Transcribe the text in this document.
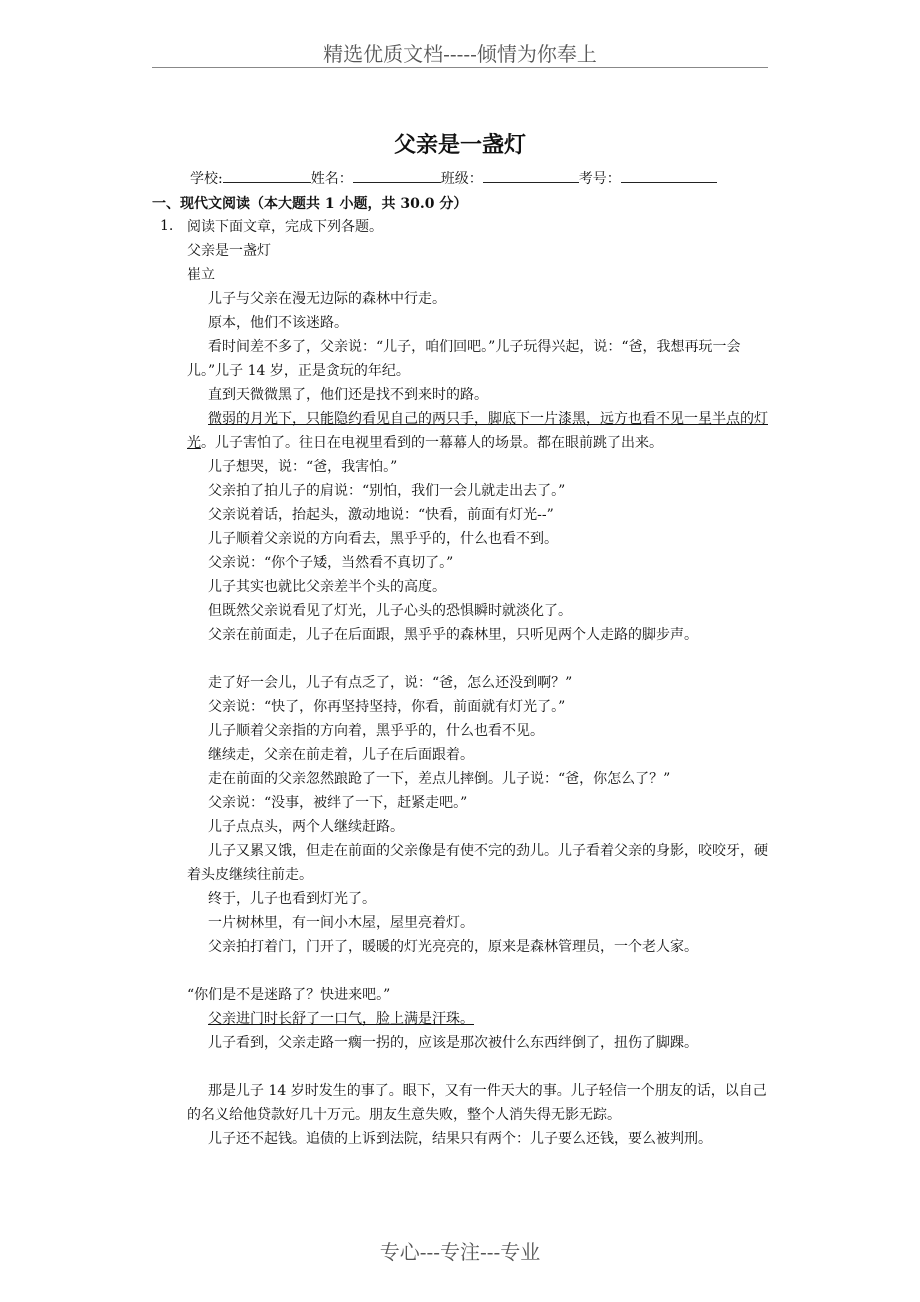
精选优质文档-----倾情为你奉上
父亲是一盏灯
学校:	姓名：	班级：	考号：
一、现代文阅读（本大题共 1 小题，共 30.0 分）
1. 阅读下面文章，完成下列各题。

父亲是一盏灯

崔立

儿子与父亲在漫无边际的森林中行走。

原本，他们不该迷路。

看时间差不多了，父亲说：“儿子，咱们回吧。”儿子玩得兴起，说：“爸，我想再玩一会儿。”儿子 14 岁，正是贪玩的年纪。

直到天微微黑了，他们还是找不到来时的路。

微弱的月光下，只能隐约看见自己的两只手，脚底下一片漆黑，远方也看不见一星半点的灯光。儿子害怕了。往日在电视里看到的一幕幕人的场景。都在眼前跳了出来。

儿子想哭，说：“爸，我害怕。”

父亲拍了拍儿子的肩说：“别怕，我们一会儿就走出去了。”

父亲说着话，抬起头，激动地说：“快看，前面有灯光--”

儿子顺着父亲说的方向看去，黑乎乎的，什么也看不到。

父亲说：“你个子矮，当然看不真切了。”

儿子其实也就比父亲差半个头的高度。

但既然父亲说看见了灯光，儿子心头的恐惧瞬时就淡化了。

父亲在前面走，儿子在后面跟，黑乎乎的森林里，只听见两个人走路的脚步声。

走了好一会儿，儿子有点乏了，说：“爸，怎么还没到啊？”

父亲说：“快了，你再坚持坚持，你看，前面就有灯光了。”

儿子顺着父亲指的方向着，黑乎乎的，什么也看不见。

继续走，父亲在前走着，儿子在后面跟着。

走在前面的父亲忽然踉跄了一下，差点儿摔倒。儿子说：“爸，你怎么了？”

父亲说：“没事，被绊了一下，赶紧走吧。”

儿子点点头，两个人继续赶路。

儿子又累又饿，但走在前面的父亲像是有使不完的劲儿。儿子看着父亲的身影，咬咬牙，硬着头皮继续往前走。

终于，儿子也看到灯光了。

一片树林里，有一间小木屋，屋里亮着灯。

父亲拍打着门，门开了，暖暖的灯光亮亮的，原来是森林管理员，一个老人家。

“你们是不是迷路了？快进来吧。”

父亲进门时长舒了一口气，脸上满是汗珠。

儿子看到，父亲走路一瘸一拐的，应该是那次被什么东西绊倒了，扭伤了脚踝。

那是儿子 14 岁时发生的事了。眼下，又有一件天大的事。儿子轻信一个朋友的话，以自己的名义给他贷款好几十万元。朋友生意失败，整个人消失得无影无踪。

儿子还不起钱。追债的上诉到法院，结果只有两个：儿子要么还钱，要么被判刑。

专心---专注---专业
